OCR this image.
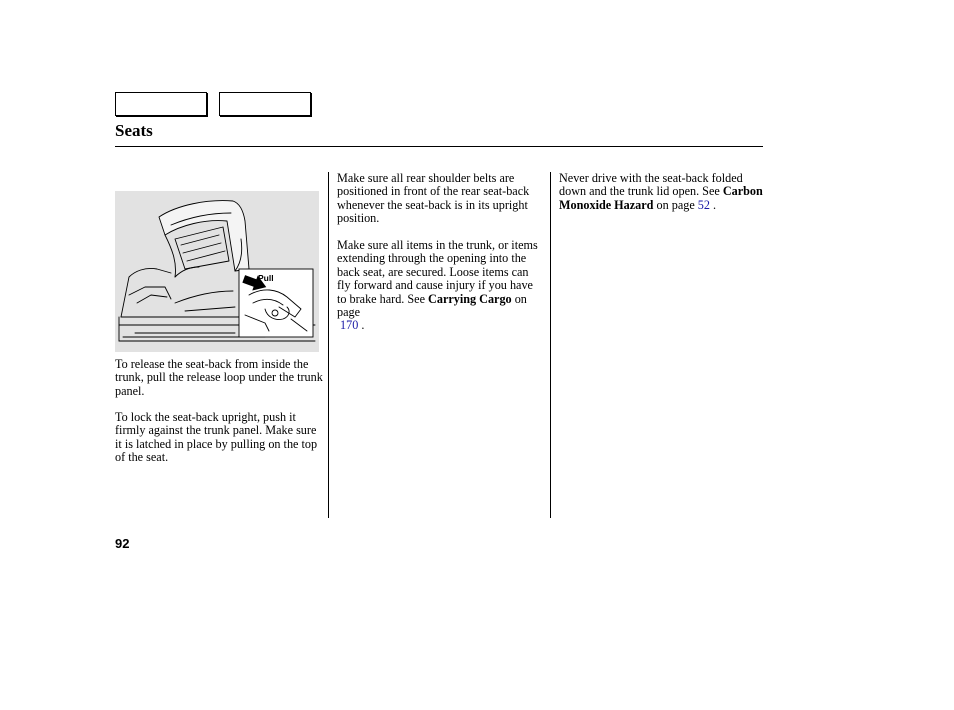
Seats
Pull

To release the seat-back from inside the trunk, pull the release loop under the trunk panel.

To lock the seat-back upright, push it firmly against the trunk panel. Make sure it is latched in place by pulling on the top of the seat.

Make sure all rear shoulder belts are positioned in front of the rear seat-back whenever the seat-back is in its upright position.

Make sure all items in the trunk, or items extending through the opening into the back seat, are secured. Loose items can fly forward and cause injury if you have to brake hard. See Carrying Cargo on page
170 .

Never drive with the seat-back folded down and the trunk lid open. See Carbon Monoxide Hazard on page 52 .

92
